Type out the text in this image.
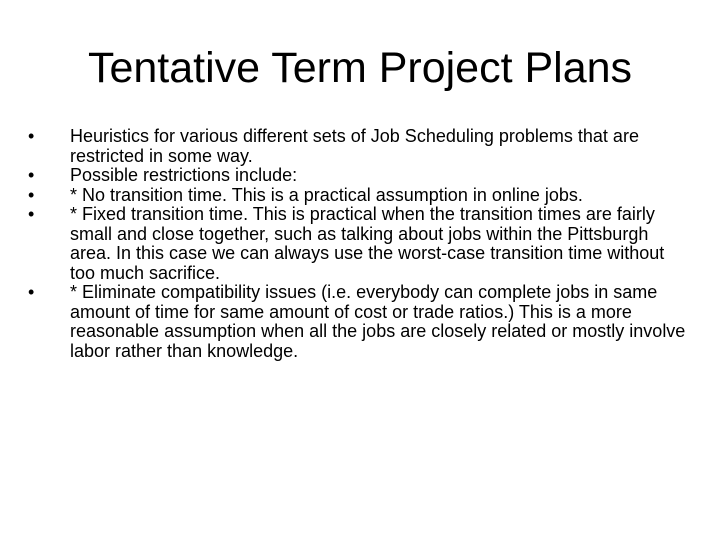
Tentative Term Project Plans
•	Heuristics for various different sets of Job Scheduling problems that are restricted in some way.
•	Possible restrictions include:
•	* No transition time. This is a practical assumption in online jobs.
•	* Fixed transition time. This is practical when the transition times are fairly small and close together, such as talking about jobs within the Pittsburgh area. In this case we can always use the worst-case transition time without too much sacrifice.
•	* Eliminate compatibility issues (i.e. everybody can complete jobs in same amount of time for same amount of cost or trade ratios.) This is a more reasonable assumption when all the jobs are closely related or mostly involve labor rather than knowledge.
